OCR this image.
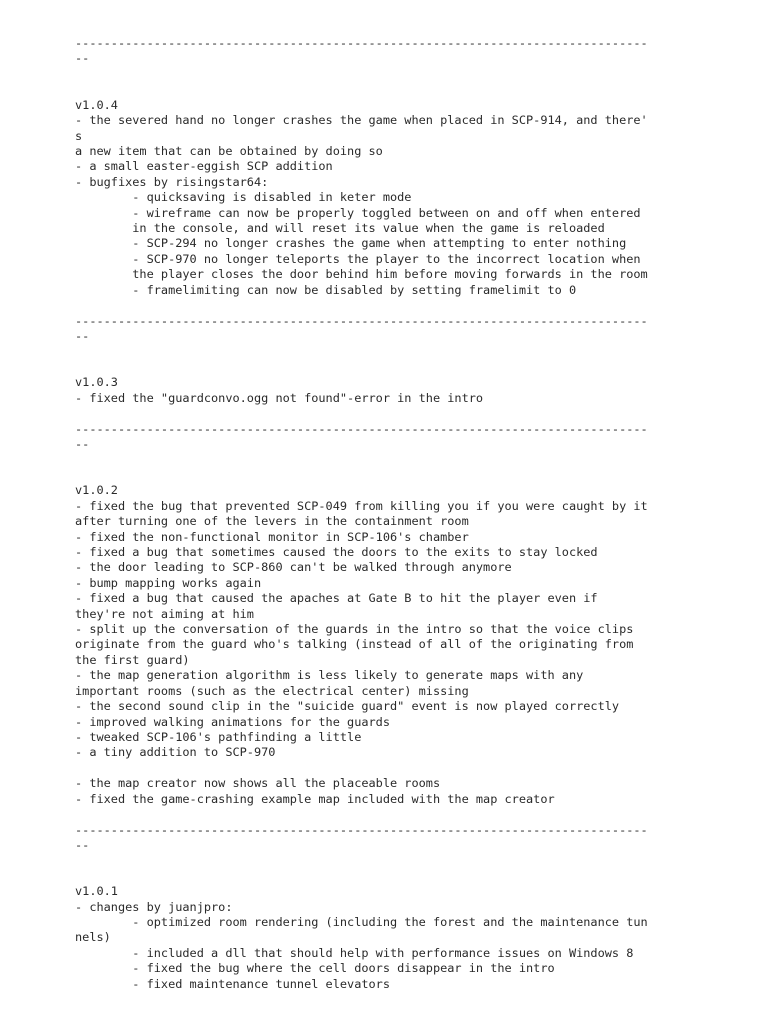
--------------------------------------------------------------------------------
--
v1.0.4
- the severed hand no longer crashes the game when placed in SCP-914, and there'
s
a new item that can be obtained by doing so
- a small easter-eggish SCP addition
- bugfixes by risingstar64:
- quicksaving is disabled in keter mode
- wireframe can now be properly toggled between on and off when entered
in the console, and will reset its value when the game is reloaded
- SCP-294 no longer crashes the game when attempting to enter nothing
- SCP-970 no longer teleports the player to the incorrect location when
the player closes the door behind him before moving forwards in the room
- framelimiting can now be disabled by setting framelimit to 0
--------------------------------------------------------------------------------
--
v1.0.3
- fixed the "guardconvo.ogg not found"-error in the intro
--------------------------------------------------------------------------------
--
v1.0.2
- fixed the bug that prevented SCP-049 from killing you if you were caught by it
after turning one of the levers in the containment room
- fixed the non-functional monitor in SCP-106's chamber
- fixed a bug that sometimes caused the doors to the exits to stay locked
- the door leading to SCP-860 can't be walked through anymore
- bump mapping works again
- fixed a bug that caused the apaches at Gate B to hit the player even if
they're not aiming at him
- split up the conversation of the guards in the intro so that the voice clips
originate from the guard who's talking (instead of all of the originating from
the first guard)
- the map generation algorithm is less likely to generate maps with any
important rooms (such as the electrical center) missing
- the second sound clip in the "suicide guard" event is now played correctly
- improved walking animations for the guards
- tweaked SCP-106's pathfinding a little
- a tiny addition to SCP-970
- the map creator now shows all the placeable rooms
- fixed the game-crashing example map included with the map creator
--------------------------------------------------------------------------------
--
v1.0.1
- changes by juanjpro:
- optimized room rendering (including the forest and the maintenance tun
nels)
- included a dll that should help with performance issues on Windows 8
- fixed the bug where the cell doors disappear in the intro
- fixed maintenance tunnel elevators
